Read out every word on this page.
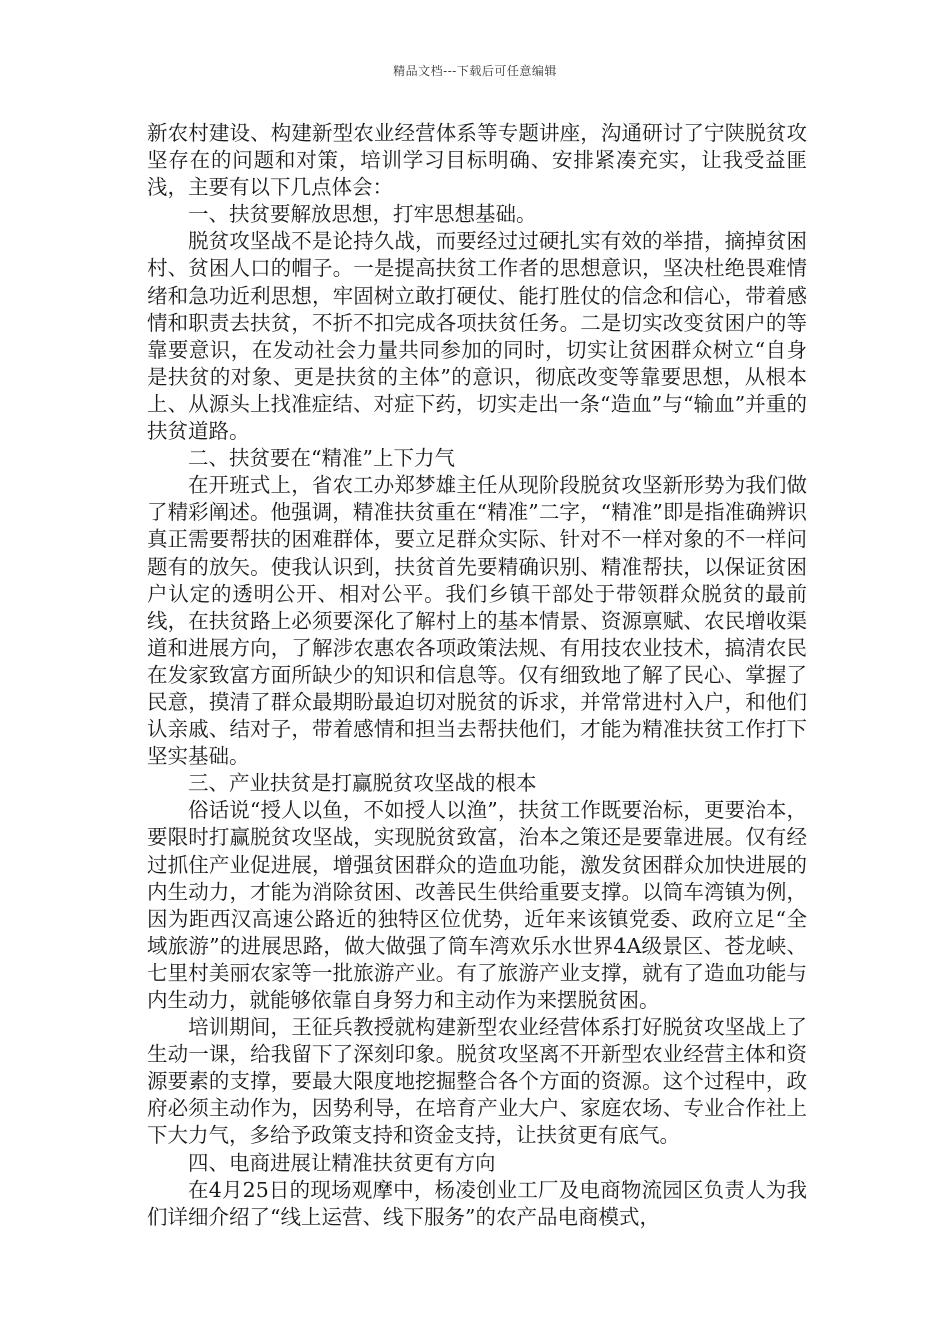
精品文档---下载后可任意编辑

新农村建设、构建新型农业经营体系等专题讲座，沟通研讨了宁陕脱贫攻坚存在的问题和对策，培训学习目标明确、安排紧凑充实，让我受益匪浅，主要有以下几点体会：

一、扶贫要解放思想，打牢思想基础。

脱贫攻坚战不是论持久战，而要经过过硬扎实有效的举措，摘掉贫困村、贫困人口的帽子。一是提高扶贫工作者的思想意识，坚决杜绝畏难情绪和急功近利思想，牢固树立敢打硬仗、能打胜仗的信念和信心，带着感情和职责去扶贫，不折不扣完成各项扶贫任务。二是切实改变贫困户的等靠要意识，在发动社会力量共同参加的同时，切实让贫困群众树立“自身是扶贫的对象、更是扶贫的主体”的意识，彻底改变等靠要思想，从根本上、从源头上找准症结、对症下药，切实走出一条“造血”与“输血”并重的扶贫道路。

二、扶贫要在“精准”上下力气

在开班式上，省农工办郑梦雄主任从现阶段脱贫攻坚新形势为我们做了精彩阐述。他强调，精准扶贫重在“精准”二字，“精准”即是指准确辨识真正需要帮扶的困难群体，要立足群众实际、针对不一样对象的不一样问题有的放矢。使我认识到，扶贫首先要精确识别、精准帮扶，以保证贫困户认定的透明公开、相对公平。我们乡镇干部处于带领群众脱贫的最前线，在扶贫路上必须要深化了解村上的基本情景、资源禀赋、农民增收渠道和进展方向，了解涉农惠农各项政策法规、有用技农业技术，搞清农民在发家致富方面所缺少的知识和信息等。仅有细致地了解了民心、掌握了民意，摸清了群众最期盼最迫切对脱贫的诉求，并常常进村入户，和他们认亲戚、结对子，带着感情和担当去帮扶他们，才能为精准扶贫工作打下坚实基础。

三、产业扶贫是打赢脱贫攻坚战的根本

俗话说“授人以鱼，不如授人以渔”，扶贫工作既要治标，更要治本，要限时打赢脱贫攻坚战，实现脱贫致富，治本之策还是要靠进展。仅有经过抓住产业促进展，增强贫困群众的造血功能，激发贫困群众加快进展的内生动力，才能为消除贫困、改善民生供给重要支撑。以筒车湾镇为例，因为距西汉高速公路近的独特区位优势，近年来该镇党委、政府立足“全域旅游”的进展思路，做大做强了筒车湾欢乐水世界4A级景区、苍龙峡、七里村美丽农家等一批旅游产业。有了旅游产业支撑，就有了造血功能与内生动力，就能够依靠自身努力和主动作为来摆脱贫困。

培训期间，王征兵教授就构建新型农业经营体系打好脱贫攻坚战上了生动一课，给我留下了深刻印象。脱贫攻坚离不开新型农业经营主体和资源要素的支撑，要最大限度地挖掘整合各个方面的资源。这个过程中，政府必须主动作为，因势利导，在培育产业大户、家庭农场、专业合作社上下大力气，多给予政策支持和资金支持，让扶贫更有底气。

四、电商进展让精准扶贫更有方向

在4月25日的现场观摩中，杨凌创业工厂及电商物流园区负责人为我们详细介绍了“线上运营、线下服务”的农产品电商模式，
